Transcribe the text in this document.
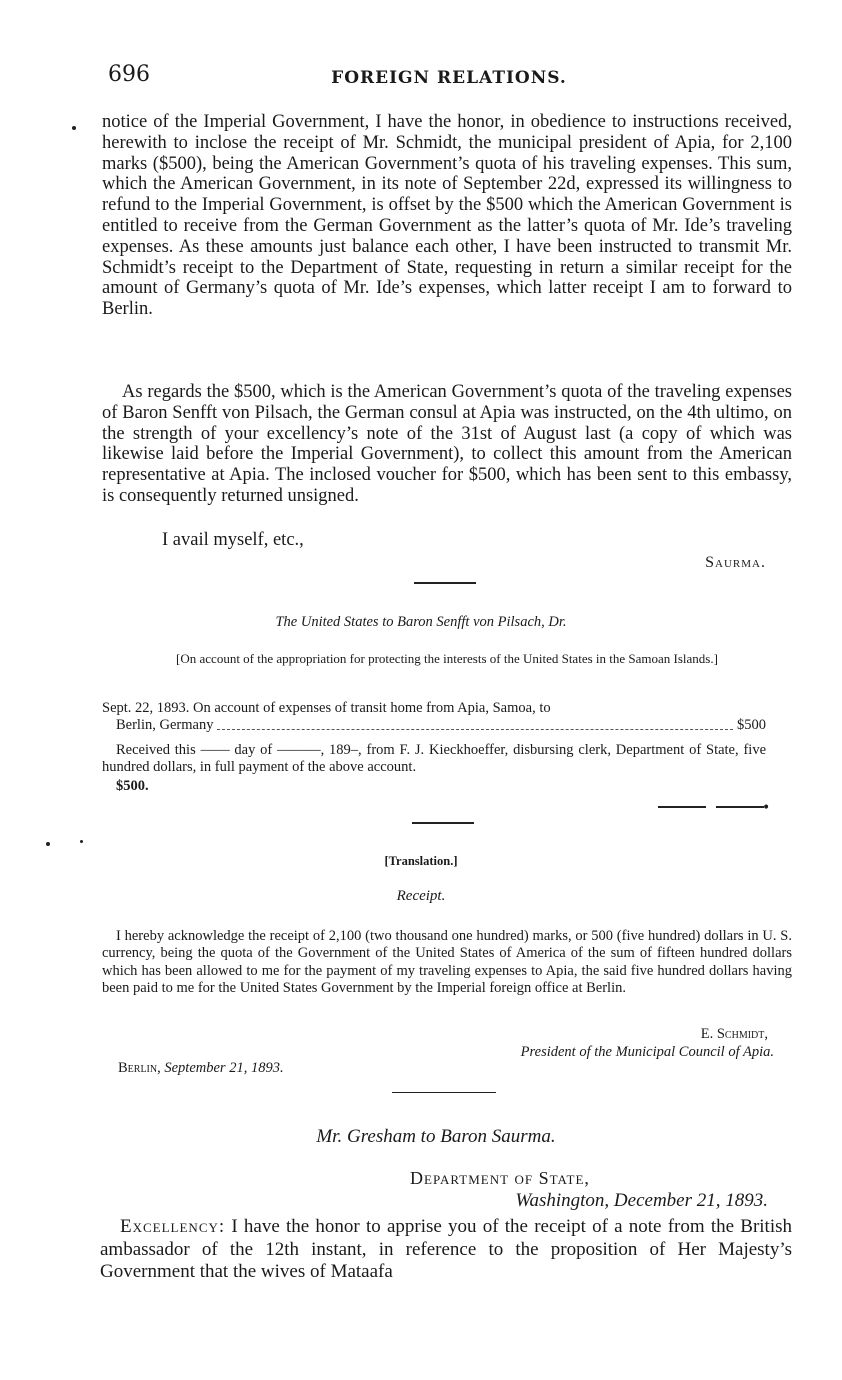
696	FOREIGN RELATIONS.
notice of the Imperial Government, I have the honor, in obedience to instructions received, herewith to inclose the receipt of Mr. Schmidt, the municipal president of Apia, for 2,100 marks ($500), being the American Government’s quota of his traveling expenses. This sum, which the American Government, in its note of September 22d, expressed its willingness to refund to the Imperial Government, is offset by the $500 which the American Government is entitled to receive from the German Government as the latter’s quota of Mr. Ide’s traveling expenses. As these amounts just balance each other, I have been instructed to transmit Mr. Schmidt’s receipt to the Department of State, requesting in return a similar receipt for the amount of Germany’s quota of Mr. Ide’s expenses, which latter receipt I am to forward to Berlin.
As regards the $500, which is the American Government’s quota of the traveling expenses of Baron Senfft von Pilsach, the German consul at Apia was instructed, on the 4th ultimo, on the strength of your excellency’s note of the 31st of August last (a copy of which was likewise laid before the Imperial Government), to collect this amount from the American representative at Apia. The inclosed voucher for $500, which has been sent to this embassy, is consequently returned unsigned.
I avail myself, etc.,
Saurma.
The United States to Baron Senfft von Pilsach, Dr.
[On account of the appropriation for protecting the interests of the United States in the Samoan Islands.]
Sept. 22, 1893. On account of expenses of transit home from Apia, Samoa, to
Berlin, Germany	$500
Received this —— day of ———, 189–, from F. J. Kieckhoeffer, disbursing clerk, Department of State, five hundred dollars, in full payment of the above account.
$500.
•
[Translation.]
Receipt.
I hereby acknowledge the receipt of 2,100 (two thousand one hundred) marks, or 500 (five hundred) dollars in U. S. currency, being the quota of the Government of the United States of America of the sum of fifteen hundred dollars which has been allowed to me for the payment of my traveling expenses to Apia, the said five hundred dollars having been paid to me for the United States Government by the Imperial foreign office at Berlin.
E. Schmidt,
President of the Municipal Council of Apia.
Berlin, September 21, 1893.
Mr. Gresham to Baron Saurma.
Department of State,
Washington, December 21, 1893.
Excellency: I have the honor to apprise you of the receipt of a note from the British ambassador of the 12th instant, in reference to the proposition of Her Majesty’s Government that the wives of Mataafa
